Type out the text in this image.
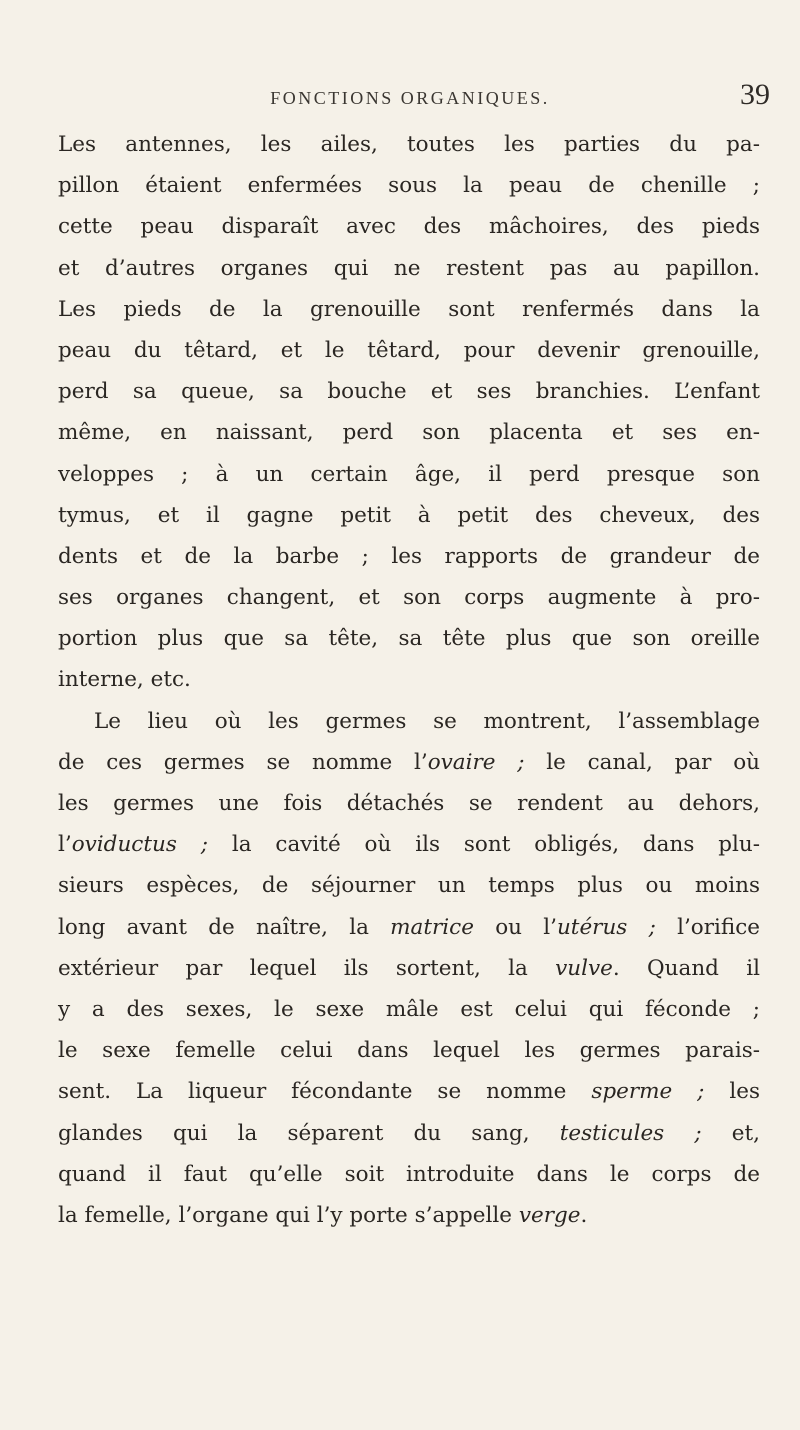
FONCTIONS ORGANIQUES.	39
Les antennes, les ailes, toutes les parties du pa-
pillon étaient enfermées sous la peau de chenille ;
cette peau disparaît avec des mâchoires, des pieds
et d’autres organes qui ne restent pas au papillon.
Les pieds de la grenouille sont renfermés dans la
peau du têtard, et le têtard, pour devenir grenouille,
perd sa queue, sa bouche et ses branchies. L’enfant
même, en naissant, perd son placenta et ses en-
veloppes ; à un certain âge, il perd presque son
tymus, et il gagne petit à petit des cheveux, des
dents et de la barbe ; les rapports de grandeur de
ses organes changent, et son corps augmente à pro-
portion plus que sa tête, sa tête plus que son oreille
interne, etc.
Le lieu où les germes se montrent, l’assemblage
de ces germes se nomme l’ovaire ; le canal, par où
les germes une fois détachés se rendent au dehors,
l’oviductus ; la cavité où ils sont obligés, dans plu-
sieurs espèces, de séjourner un temps plus ou moins
long avant de naître, la matrice ou l’utérus ; l’orifice
extérieur par lequel ils sortent, la vulve. Quand il
y a des sexes, le sexe mâle est celui qui féconde ;
le sexe femelle celui dans lequel les germes parais-
sent. La liqueur fécondante se nomme sperme ; les
glandes qui la séparent du sang, testicules ; et,
quand il faut qu’elle soit introduite dans le corps de
la femelle, l’organe qui l’y porte s’appelle verge.
